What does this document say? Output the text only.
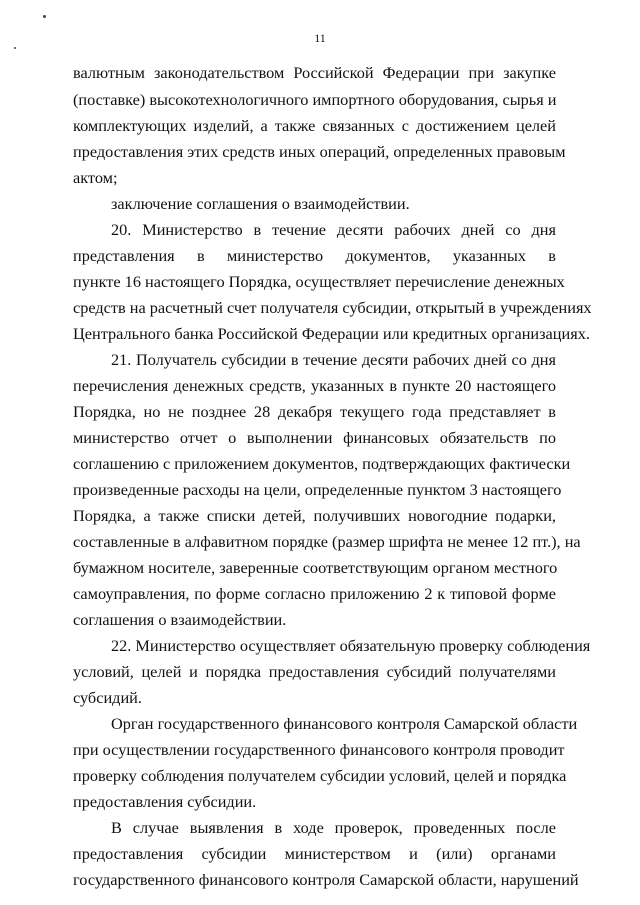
11
валютным законодательством Российской Федерации при закупке
(поставке) высокотехнологичного импортного оборудования, сырья и
комплектующих изделий, а также связанных с достижением целей
предоставления этих средств иных операций, определенных правовым
актом;
заключение соглашения о взаимодействии.
20. Министерство в течение десяти рабочих дней со дня
представления в министерство документов, указанных в
пункте 16 настоящего Порядка, осуществляет перечисление денежных
средств на расчетный счет получателя субсидии, открытый в учреждениях
Центрального банка Российской Федерации или кредитных организациях.
21. Получатель субсидии в течение десяти рабочих дней со дня
перечисления денежных средств, указанных в пункте 20 настоящего
Порядка, но не позднее 28 декабря текущего года представляет в
министерство отчет о выполнении финансовых обязательств по
соглашению с приложением документов, подтверждающих фактически
произведенные расходы на цели, определенные пунктом 3 настоящего
Порядка, а также списки детей, получивших новогодние подарки,
составленные в алфавитном порядке (размер шрифта не менее 12 пт.), на
бумажном носителе, заверенные соответствующим органом местного
самоуправления, по форме согласно приложению 2 к типовой форме
соглашения о взаимодействии.
22. Министерство осуществляет обязательную проверку соблюдения
условий, целей и порядка предоставления субсидий получателями
субсидий.
Орган государственного финансового контроля Самарской области
при осуществлении государственного финансового контроля проводит
проверку соблюдения получателем субсидии условий, целей и порядка
предоставления субсидии.
В случае выявления в ходе проверок, проведенных после
предоставления субсидии министерством и (или) органами
государственного финансового контроля Самарской области, нарушений
